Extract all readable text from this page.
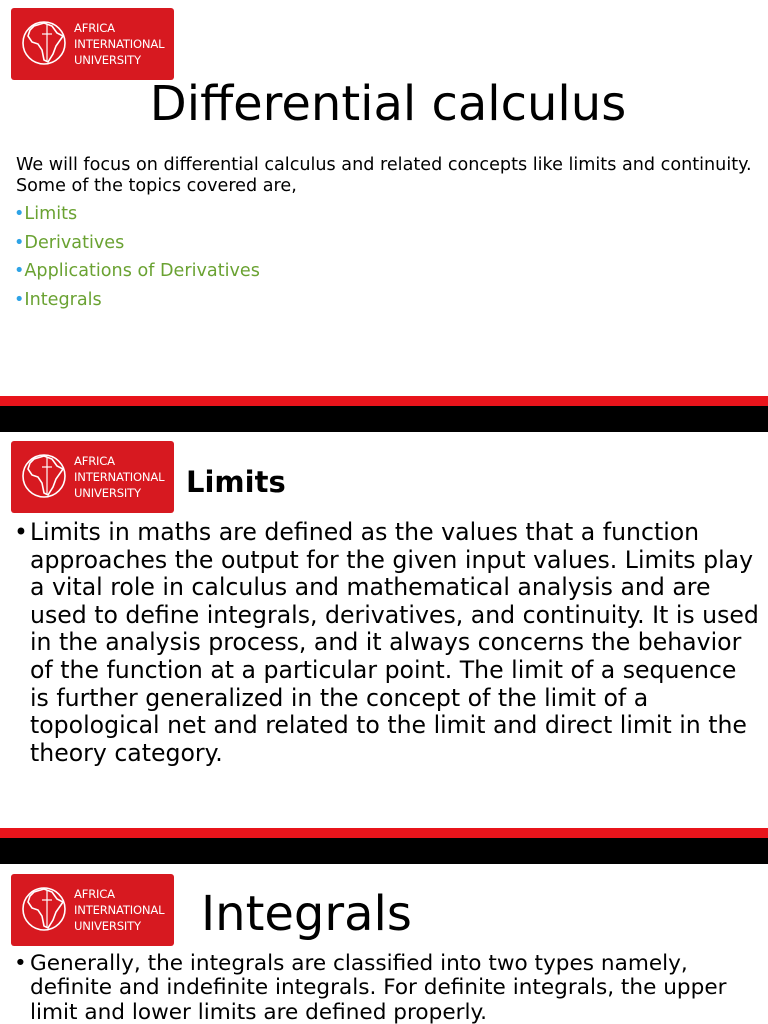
AFRICA
INTERNATIONAL
UNIVERSITY
Differential calculus

We will focus on differential calculus and related concepts like limits and continuity. Some of the topics covered are,

•Limits
•Derivatives
•Applications of Derivatives
•Integrals
AFRICA
INTERNATIONAL
UNIVERSITY	Limits
• Limits in maths are defined as the values that a function approaches the output for the given input values. Limits play a vital role in calculus and mathematical analysis and are used to define integrals, derivatives, and continuity. It is used in the analysis process, and it always concerns the behavior of the function at a particular point. The limit of a sequence is further generalized in the concept of the limit of a topological net and related to the limit and direct limit in the theory category.
AFRICA
INTERNATIONAL
UNIVERSITY	Integrals
• Generally, the integrals are classified into two types namely, definite and indefinite integrals. For definite integrals, the upper limit and lower limits are defined properly.
